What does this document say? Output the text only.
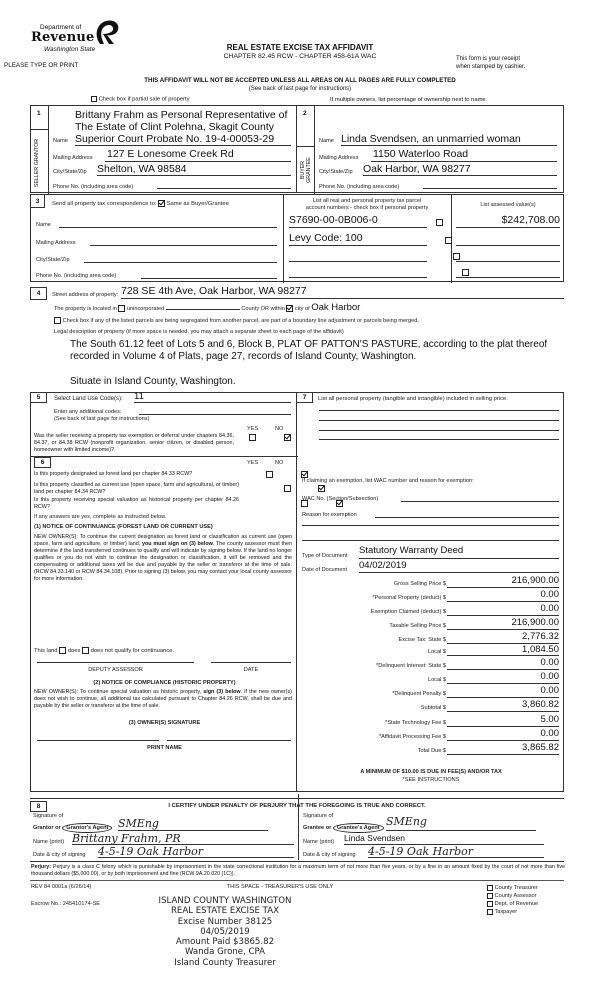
Department of
Revenue
Washington State
PLEASE TYPE OR PRINT
REAL ESTATE EXCISE TAX AFFIDAVIT
CHAPTER 82.45 RCW - CHAPTER 458-61A WAC	This form is your receipt
when stamped by cashier.
THIS AFFIDAVIT WILL NOT BE ACCEPTED UNLESS ALL AREAS ON ALL PAGES ARE FULLY COMPLETED
(See back of last page for instructions)
Check box if partial sale of property	If multiple owners, list percentage of ownership next to name.
1
SELLER GRANTOR
Brittany Frahm as Personal Representative of
The Estate of Clint Polehna, Skagit County
Name Superior Court Probate No. 19-4-00053-29
Mailing Address 127 E Lonesome Creek Rd
City/State/Zip Shelton, WA 98584
Phone No. (including area code)
2
BUYER GRANTEE
Name Linda Svendsen, an unmarried woman
Mailing Address 1150 Waterloo Road
City/State/Zip Oak Harbor, WA 98277
Phone No. (including area code)
3	Send all property tax correspondence to: Same as Buyer/Grantee
Name
Mailing Address
City/State/Zip
Phone No. (including area code)
List all real and personal property tax parcel
account numbers - check box if personal property	List assessed value(s)
S7690-00-0B006-0
	$242,708.00
Levy Code: 100

4	Street address of property: 728 SE 4th Ave, Oak Harbor, WA 98277
The property is located in unincorporated	County OR within city of Oak Harbor
Check box if any of the listed parcels are being segregated from another parcel, are part of a boundary line adjustment or parcels being merged.
Legal description of property (if more space is needed, you may attach a separate sheet to each page of the affidavit)
The South 61.12 feet of Lots 5 and 6, Block B, PLAT OF PATTON'S PASTURE, according to the plat thereof
recorded in Volume 4 of Plats, page 27, records of Island County, Washington.
Situate in Island County, Washington.
5	Select Land Use Code(s): 11
Enter any additional codes:
(See back of last page for instructions)
YES	NO

Was the seller receiving a property tax exemption or deferral under chapters 84.36, 84.37, or 84.38 RCW (nonprofit organization, senior citizen, or disabled person, homeowner with limited income)?

6	YES	NO

Is this property designated as forest land per chapter 84.33 RCW?

Is this property classified as current use (open space, farm and agricultural, or timber) land per chapter 84.34 RCW?

Is this property receiving special valuation as historical property per chapter 84.26 RCW?

If any answers are yes, complete as instructed below.
(1) NOTICE OF CONTINUANCE (FOREST LAND OR CURRENT USE)

NEW OWNER(S): To continue the current designation as forest land or classification as current use (open space, farm and agriculture, or timber) land, you must sign on (3) below. The county assessor must then determine if the land transferred continues to qualify and will indicate by signing below. If the land no longer qualifies or you do not wish to continue the designation or classification, it will be removed and the compensating or additional taxes will be due and payable by the seller or transferor at the time of sale. (RCW 84.33.140 or RCW 84.34.108). Prior to signing (3) below, you may contact your local county assessor for more information.

This land does does not qualify for continuance.
DEPUTY ASSESSOR	DATE
(2) NOTICE OF COMPLIANCE (HISTORIC PROPERTY)

NEW OWNER(S): To continue special valuation as historic property, sign (3) below. If the new owner(s) does not wish to continue, all additional tax calculated pursuant to Chapter 84.26 RCW, shall be due and payable by the seller or transferor at the time of sale.

(3) OWNER(S) SIGNATURE
PRINT NAME
7	List all personal property (tangible and intangible) included in selling price.
If claiming an exemption, list WAC number and reason for exemption:
WAC No. (Section/Subsection)
Reason for exemption
Type of Document Statutory Warranty Deed
Date of Document 04/02/2019
Gross Selling Price $	216,900.00
*Personal Property (deduct) $	0.00
Exemption Claimed (deduct) $	0.00
Taxable Selling Price $	216,900.00
Excise Tax: State $	2,776.32
Local $	1,084.50
*Delinquent Interest: State $	0.00
Local $	0.00
*Delinquent Penalty $	0.00
Subtotal $	3,860.82
*State Technology Fee $	5.00
*Affidavit Processing Fee $	0.00
Total Due $	3,865.82
A MINIMUM OF $10.00 IS DUE IN FEE(S) AND/OR TAX
*SEE INSTRUCTIONS
8	I CERTIFY UNDER PENALTY OF PERJURY THAT THE FOREGOING IS TRUE AND CORRECT.
Signature of
Grantor or Grantor's Agent SMEng
Name (print) Brittany Frahm, PR
Date & city of signing 4-5-19 Oak Harbor
Signature of
Grantee or Grantee's Agent SMEng
Name (print) Linda Svendsen
Date & city of signing 4-5-19 Oak Harbor

Perjury: Perjury is a class C felony which is punishable by imprisonment in the state correctional institution for a maximum term of not more than five years, or by a fine in an amount fixed by the court of not more than five thousand dollars ($5,000.00), or by both imprisonment and fine (RCW 9A.20.020 (1C)).

REV 84 0001a (6/26/14)	THIS SPACE - TREASURER'S USE ONLY
Escrow No.: 245410174-SE
County Treasurer
County Assessor
Dept. of Revenue
Taxpayer
ISLAND COUNTY WASHINGTON
REAL ESTATE EXCISE TAX
Excise Number 38125
04/05/2019
Amount Paid $3865.82
Wanda Grone, CPA
Island County Treasurer
